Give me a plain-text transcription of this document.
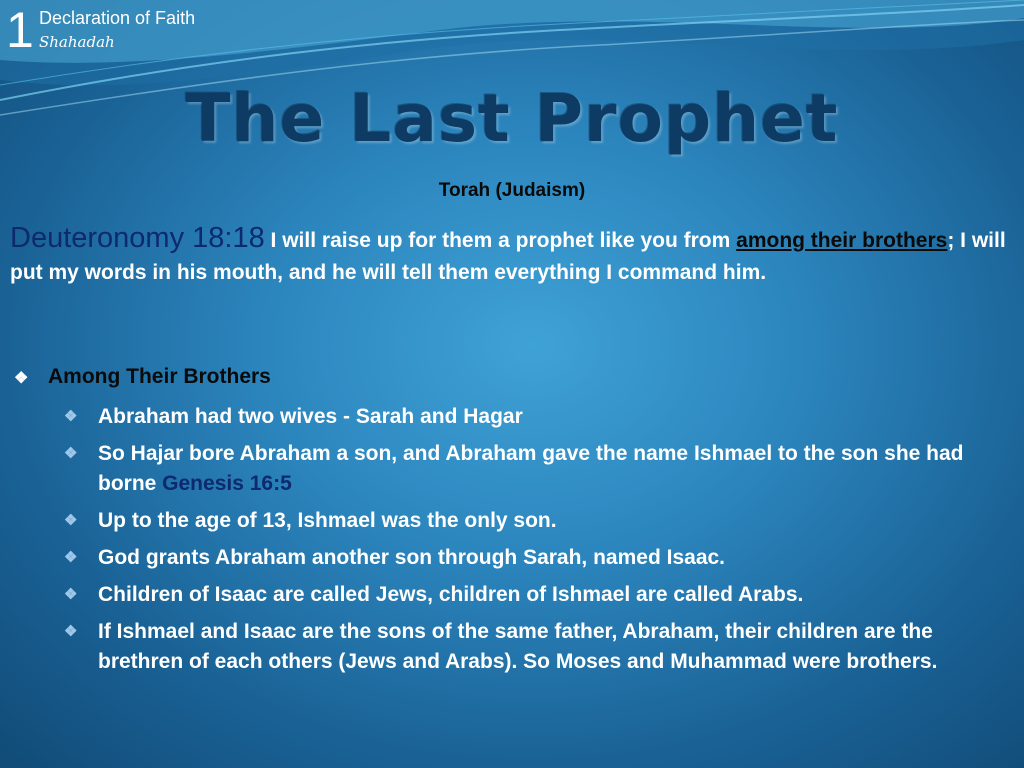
1 Declaration of Faith
Shahadah
The Last Prophet
Torah (Judaism)
Deuteronomy 18:18 I will raise up for them a prophet like you from among their brothers; I will put my words in his mouth, and he will tell them everything I command him.
❖ Among Their Brothers
❖ Abraham had two wives - Sarah and Hagar
❖ So Hajar bore Abraham a son, and Abraham gave the name Ishmael to the son she had borne Genesis 16:5
❖ Up to the age of 13, Ishmael was the only son.
❖ God grants Abraham another son through Sarah, named Isaac.
❖ Children of Isaac are called Jews, children of Ishmael are called Arabs.
❖ If Ishmael and Isaac are the sons of the same father, Abraham, their children are the brethren of each others (Jews and Arabs). So Moses and Muhammad were brothers.
